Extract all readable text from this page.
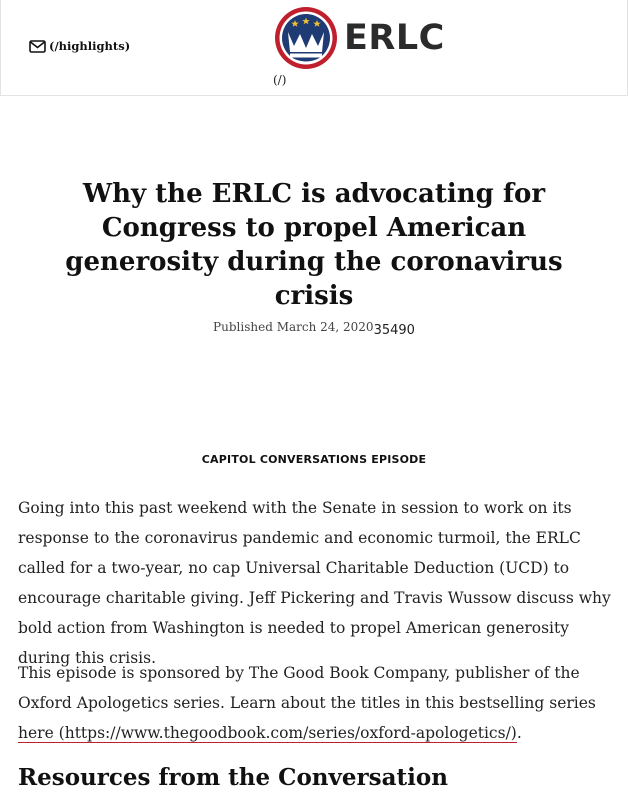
(/highlights)	ERLC
(/)
Why the ERLC is advocating for Congress to propel American generosity during the coronavirus crisis
Published March 24, 202035490
CAPITOL CONVERSATIONS EPISODE

Going into this past weekend with the Senate in session to work on its response to the coronavirus pandemic and economic turmoil, the ERLC called for a two-year, no cap Universal Charitable Deduction (UCD) to encourage charitable giving. Jeff Pickering and Travis Wussow discuss why bold action from Washington is needed to propel American generosity during this crisis.

This episode is sponsored by The Good Book Company, publisher of the Oxford Apologetics series. Learn about the titles in this bestselling series here (https://www.thegoodbook.com/series/oxford-apologetics/).

Resources from the Conversation
